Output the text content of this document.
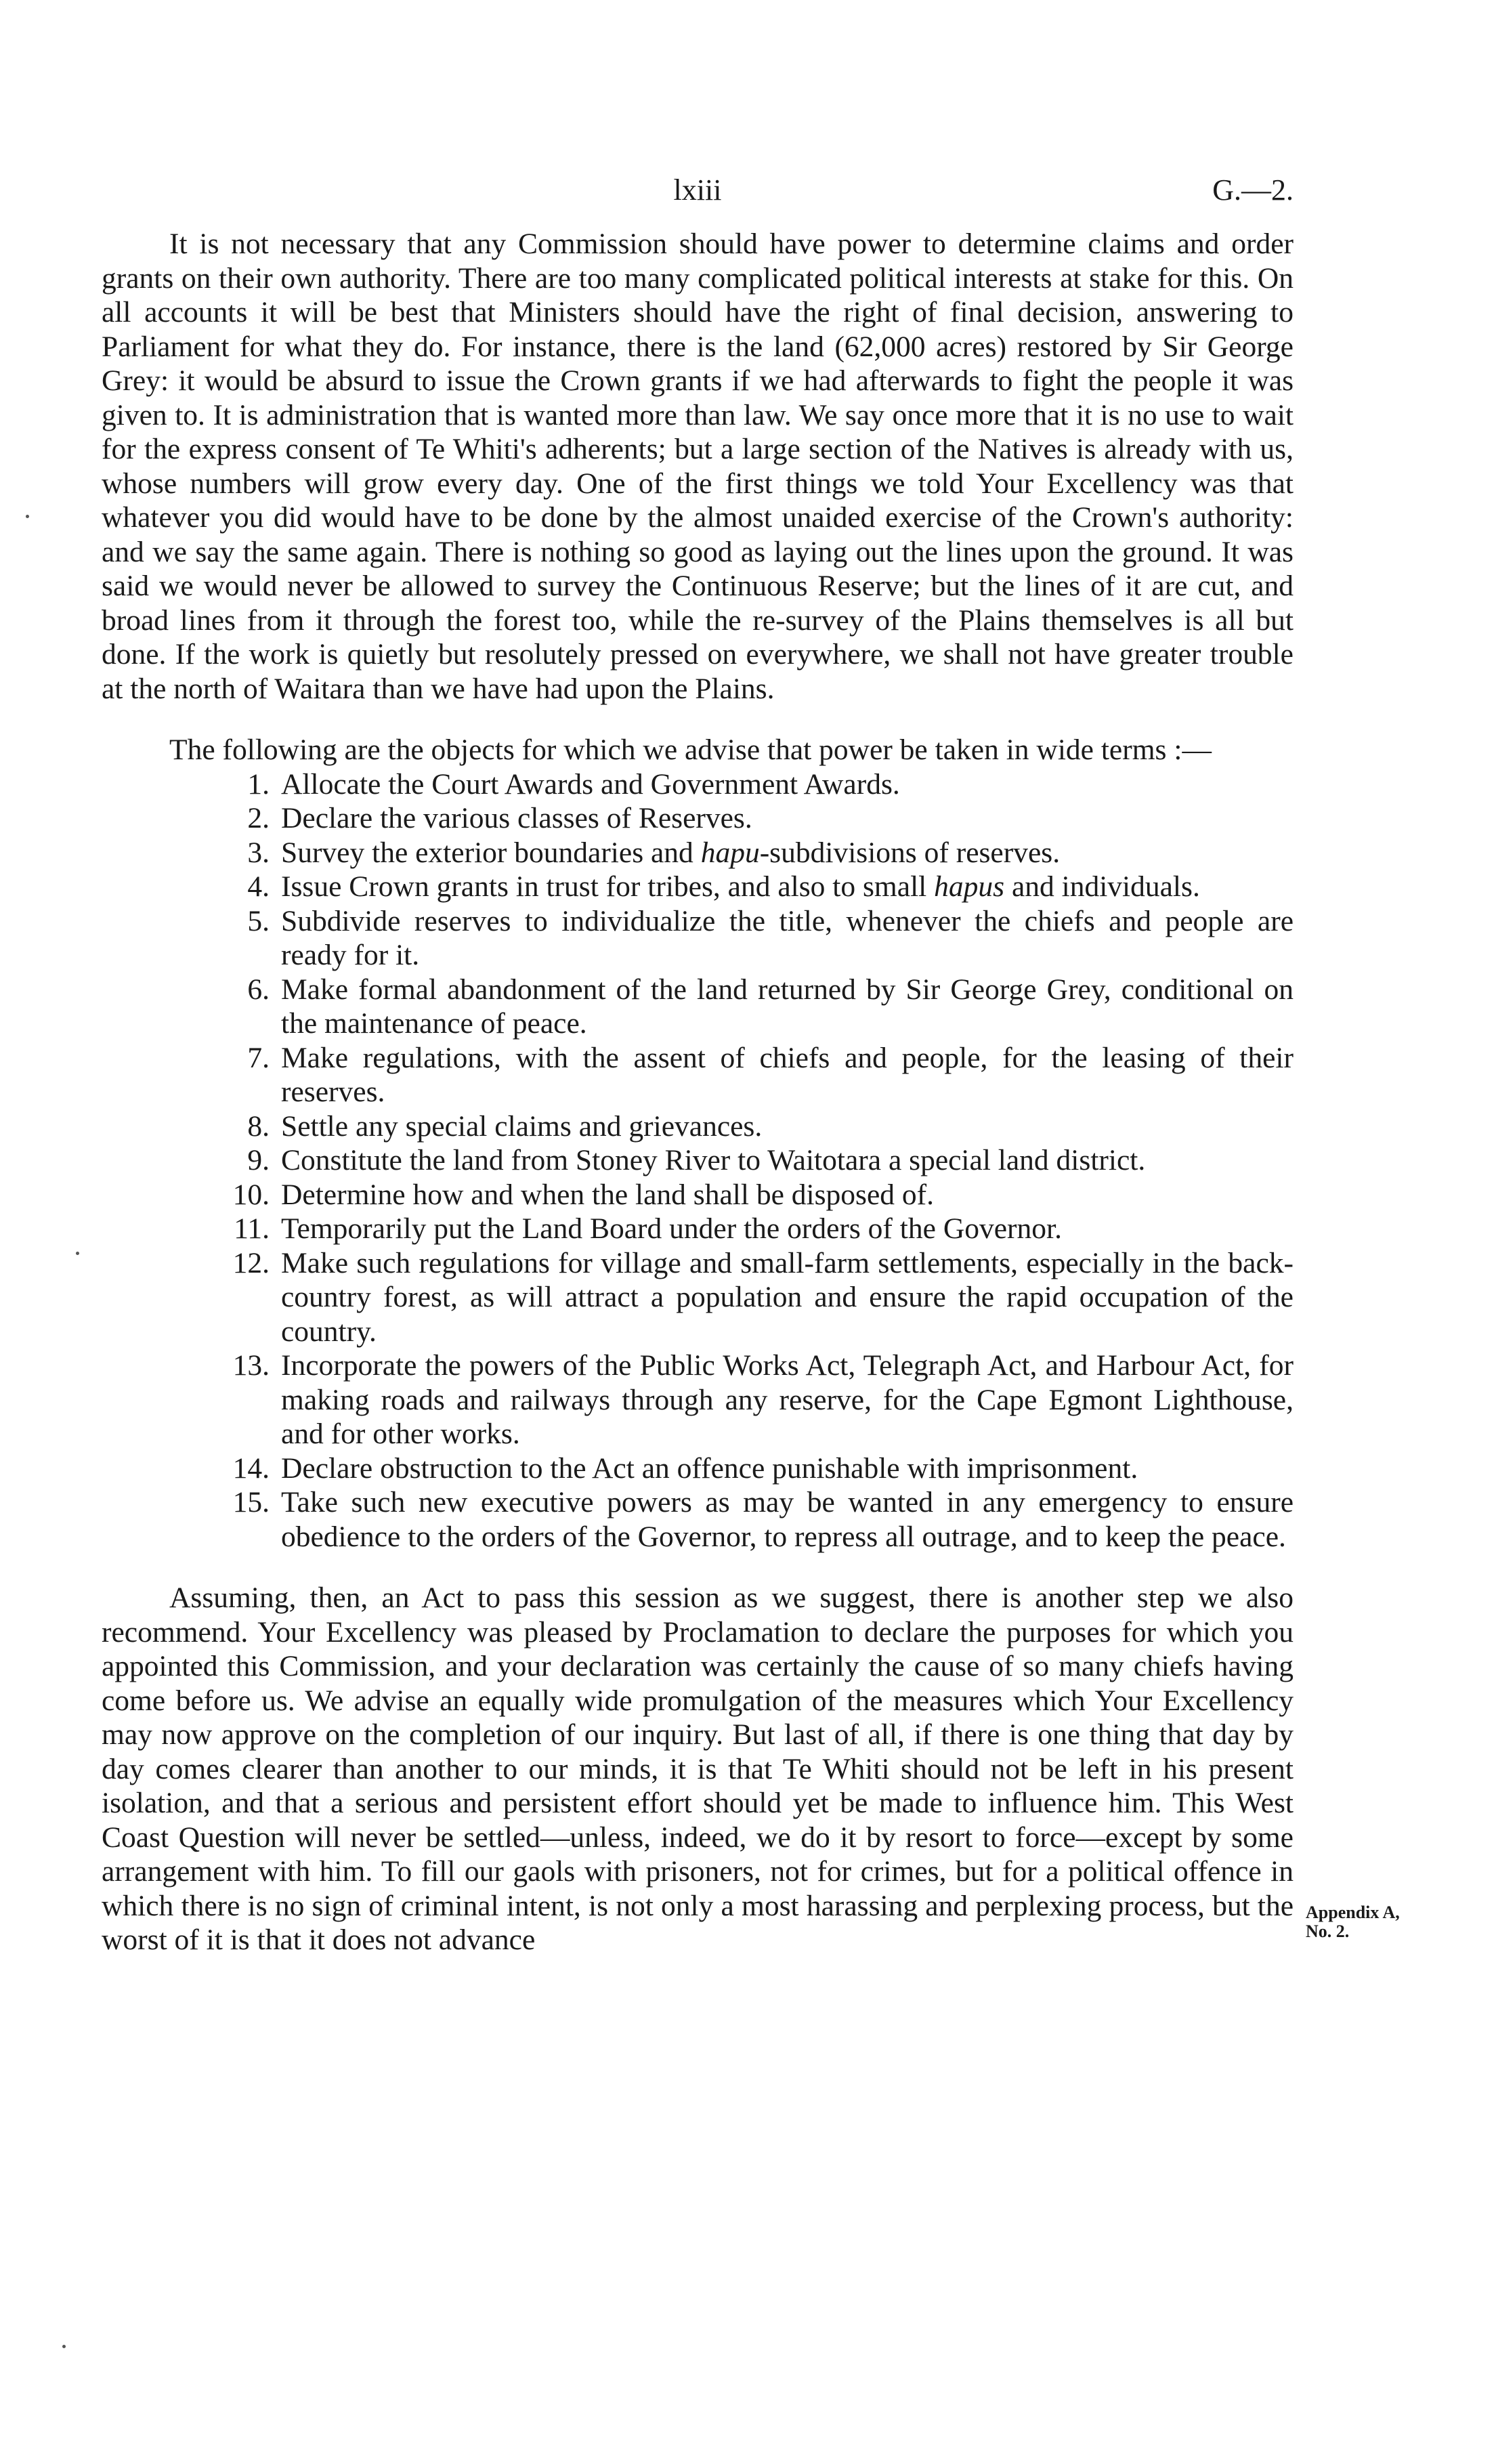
lxiii	G.—2.

It is not necessary that any Commission should have power to determine claims and order grants on their own authority. There are too many complicated political interests at stake for this. On all accounts it will be best that Ministers should have the right of final decision, answering to Parliament for what they do. For instance, there is the land (62,000 acres) restored by Sir George Grey: it would be absurd to issue the Crown grants if we had afterwards to fight the people it was given to. It is administration that is wanted more than law. We say once more that it is no use to wait for the express consent of Te Whiti's adherents; but a large section of the Natives is already with us, whose numbers will grow every day. One of the first things we told Your Excellency was that whatever you did would have to be done by the almost unaided exercise of the Crown's authority: and we say the same again. There is nothing so good as laying out the lines upon the ground. It was said we would never be allowed to survey the Continuous Reserve; but the lines of it are cut, and broad lines from it through the forest too, while the re-survey of the Plains themselves is all but done. If the work is quietly but resolutely pressed on everywhere, we shall not have greater trouble at the north of Waitara than we have had upon the Plains.

The following are the objects for which we advise that power be taken in wide terms :—

1. Allocate the Court Awards and Government Awards.
2. Declare the various classes of Reserves.
3. Survey the exterior boundaries and hapu-subdivisions of reserves.
4. Issue Crown grants in trust for tribes, and also to small hapus and individuals.
5. Subdivide reserves to individualize the title, whenever the chiefs and people are ready for it.
6. Make formal abandonment of the land returned by Sir George Grey, conditional on the maintenance of peace.
7. Make regulations, with the assent of chiefs and people, for the leasing of their reserves.
8. Settle any special claims and grievances.
9. Constitute the land from Stoney River to Waitotara a special land district.
10. Determine how and when the land shall be disposed of.
11. Temporarily put the Land Board under the orders of the Governor.
12. Make such regulations for village and small-farm settlements, especially in the back-country forest, as will attract a population and ensure the rapid occupation of the country.
13. Incorporate the powers of the Public Works Act, Telegraph Act, and Harbour Act, for making roads and railways through any reserve, for the Cape Egmont Lighthouse, and for other works.
14. Declare obstruction to the Act an offence punishable with imprisonment.
15. Take such new executive powers as may be wanted in any emergency to ensure obedience to the orders of the Governor, to repress all outrage, and to keep the peace.

Assuming, then, an Act to pass this session as we suggest, there is another step we also recommend. Your Excellency was pleased by Proclamation to declare the purposes for which you appointed this Commission, and your declaration was certainly the cause of so many chiefs having come before us. We advise an equally wide promulgation of the measures which Your Excellency may now approve on the completion of our inquiry. But last of all, if there is one thing that day by day comes clearer than another to our minds, it is that Te Whiti should not be left in his present isolation, and that a serious and persistent effort should yet be made to influence him. This West Coast Question will never be settled—unless, indeed, we do it by resort to force—except by some arrangement with him. To fill our gaols with prisoners, not for crimes, but for a political offence in which there is no sign of criminal intent, is not only a most harassing and perplexing process, but the worst of it is that it does not advance

Appendix A,
No. 2.
